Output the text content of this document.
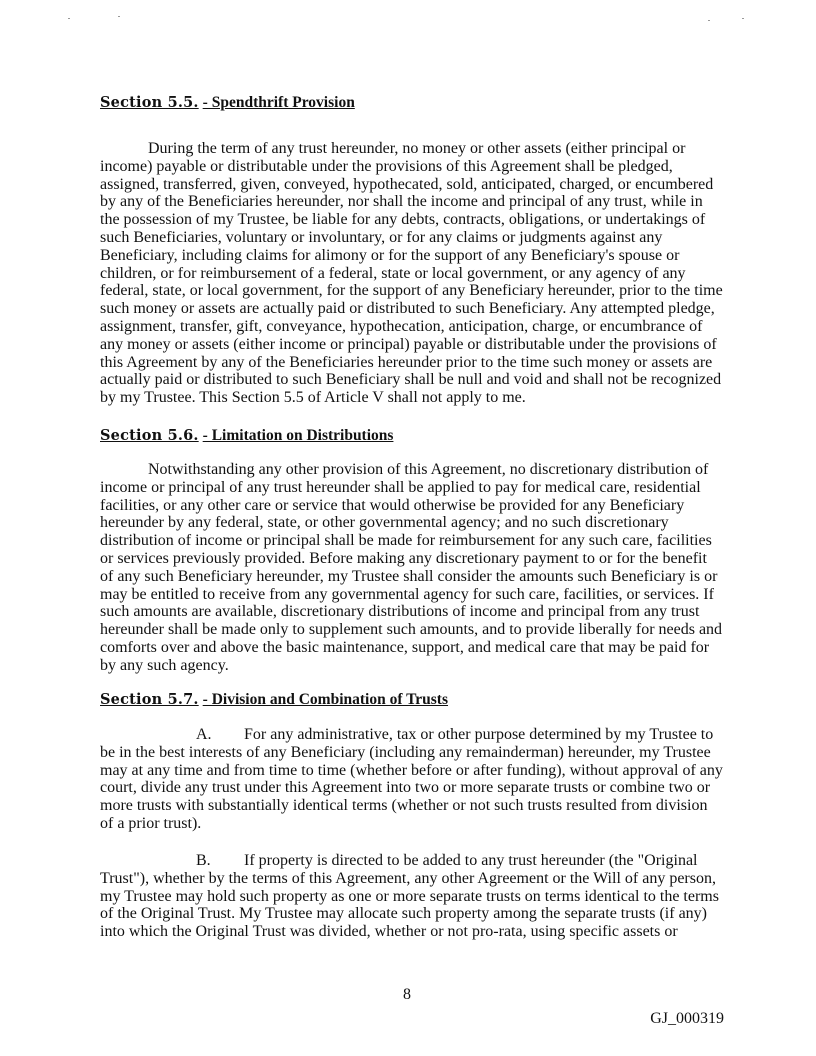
Section 5.5. - Spendthrift Provision
During the term of any trust hereunder, no money or other assets (either principal or
income) payable or distributable under the provisions of this Agreement shall be pledged,
assigned, transferred, given, conveyed, hypothecated, sold, anticipated, charged, or encumbered
by any of the Beneficiaries hereunder, nor shall the income and principal of any trust, while in
the possession of my Trustee, be liable for any debts, contracts, obligations, or undertakings of
such Beneficiaries, voluntary or involuntary, or for any claims or judgments against any
Beneficiary, including claims for alimony or for the support of any Beneficiary's spouse or
children, or for reimbursement of a federal, state or local government, or any agency of any
federal, state, or local government, for the support of any Beneficiary hereunder, prior to the time
such money or assets are actually paid or distributed to such Beneficiary. Any attempted pledge,
assignment, transfer, gift, conveyance, hypothecation, anticipation, charge, or encumbrance of
any money or assets (either income or principal) payable or distributable under the provisions of
this Agreement by any of the Beneficiaries hereunder prior to the time such money or assets are
actually paid or distributed to such Beneficiary shall be null and void and shall not be recognized
by my Trustee. This Section 5.5 of Article V shall not apply to me.
Section 5.6. - Limitation on Distributions
Notwithstanding any other provision of this Agreement, no discretionary distribution of
income or principal of any trust hereunder shall be applied to pay for medical care, residential
facilities, or any other care or service that would otherwise be provided for any Beneficiary
hereunder by any federal, state, or other governmental agency; and no such discretionary
distribution of income or principal shall be made for reimbursement for any such care, facilities
or services previously provided. Before making any discretionary payment to or for the benefit
of any such Beneficiary hereunder, my Trustee shall consider the amounts such Beneficiary is or
may be entitled to receive from any governmental agency for such care, facilities, or services. If
such amounts are available, discretionary distributions of income and principal from any trust
hereunder shall be made only to supplement such amounts, and to provide liberally for needs and
comforts over and above the basic maintenance, support, and medical care that may be paid for
by any such agency.
Section 5.7. - Division and Combination of Trusts
A. For any administrative, tax or other purpose determined by my Trustee to
be in the best interests of any Beneficiary (including any remainderman) hereunder, my Trustee
may at any time and from time to time (whether before or after funding), without approval of any
court, divide any trust under this Agreement into two or more separate trusts or combine two or
more trusts with substantially identical terms (whether or not such trusts resulted from division
of a prior trust).
B. If property is directed to be added to any trust hereunder (the "Original
Trust"), whether by the terms of this Agreement, any other Agreement or the Will of any person,
my Trustee may hold such property as one or more separate trusts on terms identical to the terms
of the Original Trust. My Trustee may allocate such property among the separate trusts (if any)
into which the Original Trust was divided, whether or not pro-rata, using specific assets or
8
GJ_000319
